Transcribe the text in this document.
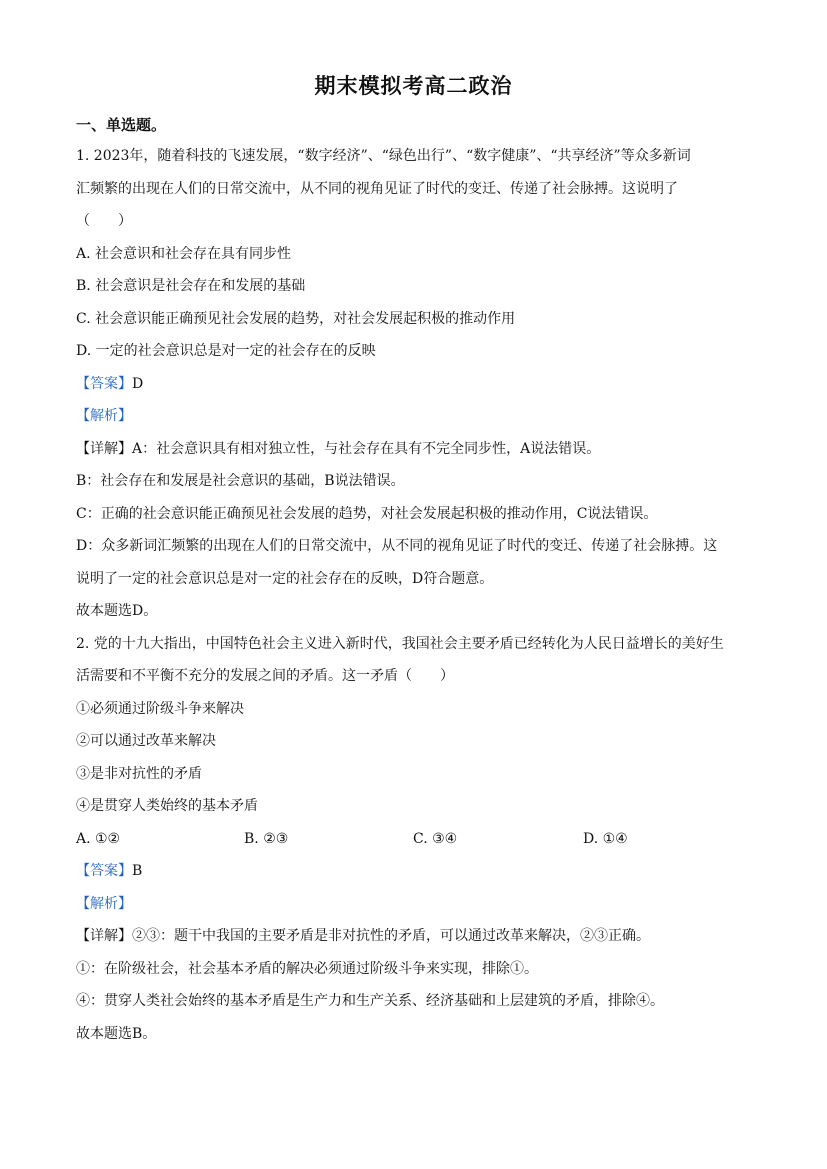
期末模拟考高二政治
一、单选题。
1. 2023年，随着科技的飞速发展，“数字经济”、“绿色出行”、“数字健康”、“共享经济”等众多新词
汇频繁的出现在人们的日常交流中，从不同的视角见证了时代的变迁、传递了社会脉搏。这说明了
（　　）
A. 社会意识和社会存在具有同步性
B. 社会意识是社会存在和发展的基础
C. 社会意识能正确预见社会发展的趋势，对社会发展起积极的推动作用
D. 一定的社会意识总是对一定的社会存在的反映
【答案】D
【解析】
【详解】A：社会意识具有相对独立性，与社会存在具有不完全同步性，A说法错误。
B：社会存在和发展是社会意识的基础，B说法错误。
C：正确的社会意识能正确预见社会发展的趋势，对社会发展起积极的推动作用，C说法错误。
D：众多新词汇频繁的出现在人们的日常交流中，从不同的视角见证了时代的变迁、传递了社会脉搏。这
说明了一定的社会意识总是对一定的社会存在的反映，D符合题意。
故本题选D。
2. 党的十九大指出，中国特色社会主义进入新时代，我国社会主要矛盾已经转化为人民日益增长的美好生
活需要和不平衡不充分的发展之间的矛盾。这一矛盾（　　）
①必须通过阶级斗争来解决
②可以通过改革来解决
③是非对抗性的矛盾
④是贯穿人类始终的基本矛盾
A. ①②	B. ②③	C. ③④	D. ①④
【答案】B
【解析】
【详解】②③：题干中我国的主要矛盾是非对抗性的矛盾，可以通过改革来解决，②③正确。
①：在阶级社会，社会基本矛盾的解决必须通过阶级斗争来实现，排除①。
④：贯穿人类社会始终的基本矛盾是生产力和生产关系、经济基础和上层建筑的矛盾，排除④。
故本题选B。
